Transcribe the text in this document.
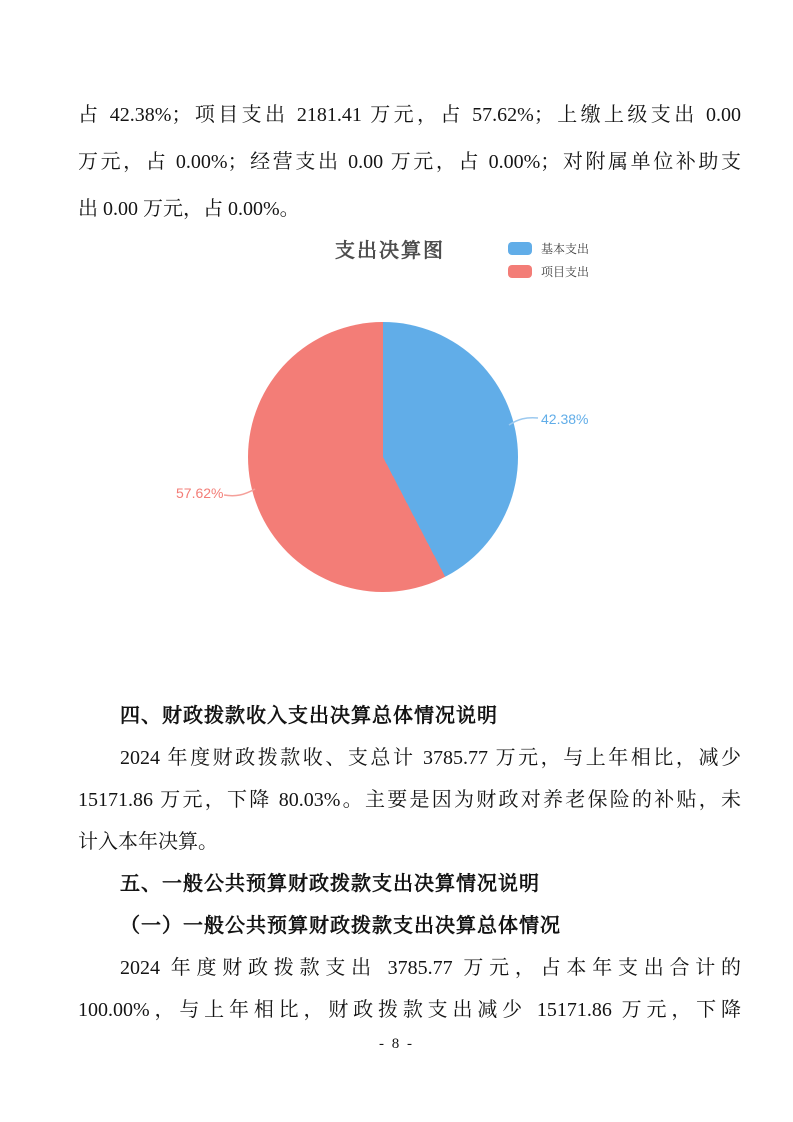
占 42.38%；项目支出 2181.41 万元，占 57.62%；上缴上级支出 0.00
万元，占 0.00%；经营支出 0.00 万元，占 0.00%；对附属单位补助支
出 0.00 万元，占 0.00%。
支出决算图	基本支出
项目支出
42.38%
57.62%
四、财政拨款收入支出决算总体情况说明
2024 年度财政拨款收、支总计 3785.77 万元，与上年相比，减少
15171.86 万元，下降 80.03%。主要是因为财政对养老保险的补贴，未
计入本年决算。
五、一般公共预算财政拨款支出决算情况说明
（一）一般公共预算财政拨款支出决算总体情况
2024 年度财政拨款支出 3785.77 万元，占本年支出合计的
100.00%，与上年相比，财政拨款支出减少 15171.86 万元，下降
- 8 -
